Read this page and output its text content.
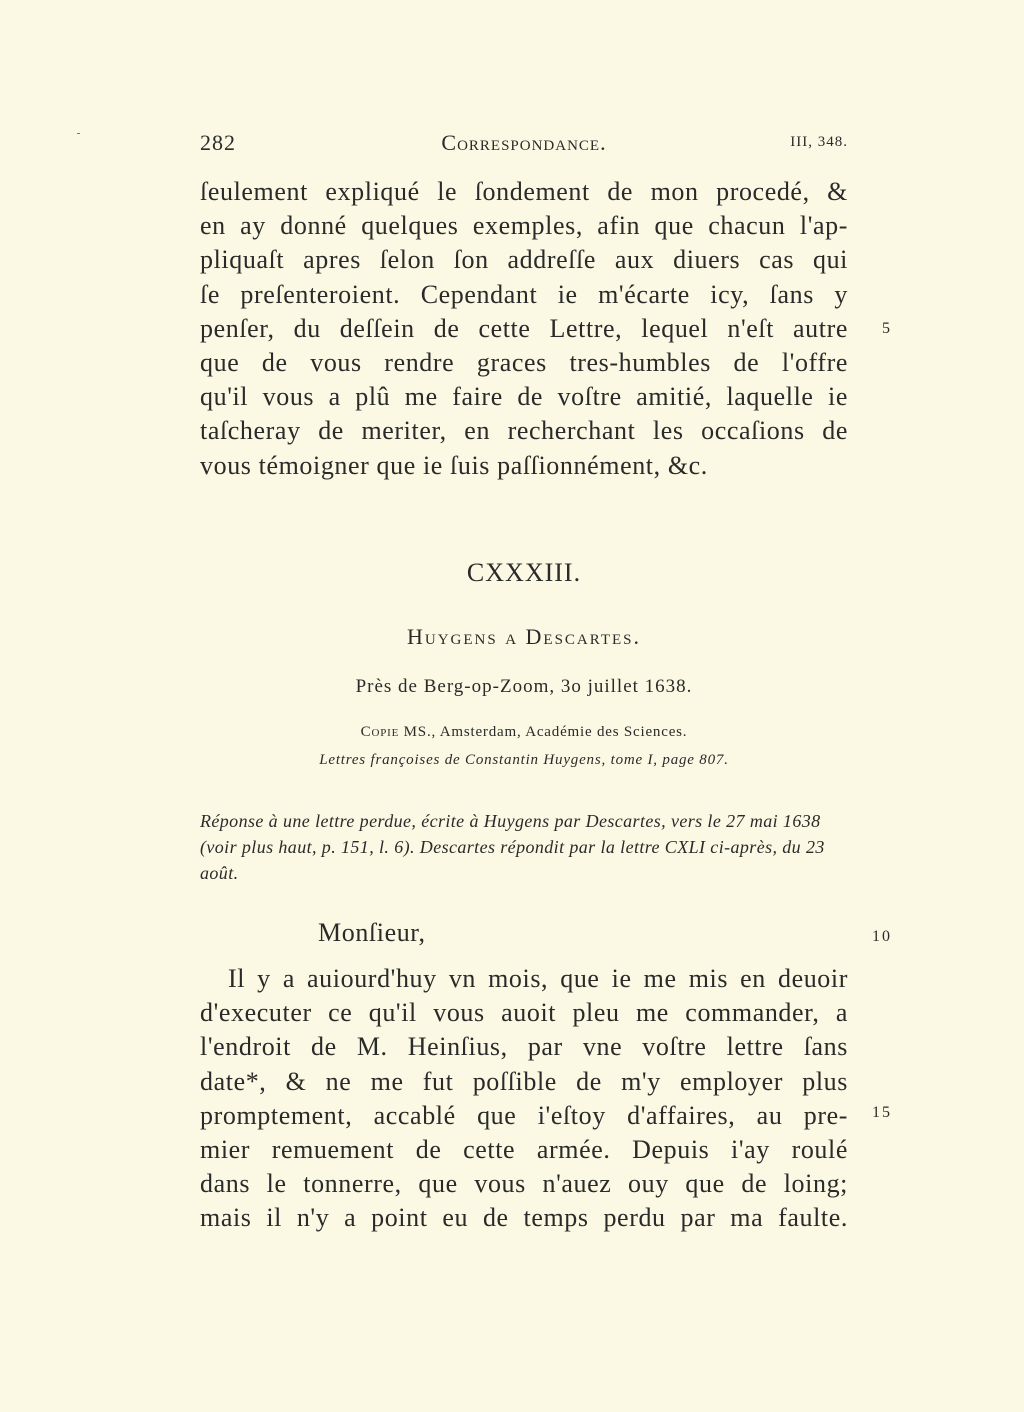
282	Correspondance.	III, 348.
ſeulement expliqué le ſondement de mon procedé, &
en ay donné quelques exemples, afin que chacun l'ap-
pliquaſt apres ſelon ſon addreſſe aux diuers cas qui
ſe preſenteroient. Cependant ie m'écarte icy, ſans y
penſer, du deſſein de cette Lettre, lequel n'eſt autre
que de vous rendre graces tres-humbles de l'offre
qu'il vous a plû me faire de voſtre amitié, laquelle ie
taſcheray de meriter, en recherchant les occaſions de
vous témoigner que ie ſuis paſſionnément, &c.
5
CXXXIII.
Huygens a Descartes.
Près de Berg-op-Zoom, 3o juillet 1638.
Copie MS., Amsterdam, Académie des Sciences.
Lettres françoises de Constantin Huygens, tome I, page 807.
Réponse à une lettre perdue, écrite à Huygens par Descartes, vers le 27 mai 1638 (voir plus haut, p. 151, l. 6). Descartes répondit par la lettre CXLI ci-après, du 23 août.
Monſieur,	10
Il y a auiourd'huy vn mois, que ie me mis en deuoir
d'executer ce qu'il vous auoit pleu me commander, a
l'endroit de M. Heinſius, par vne voſtre lettre ſans
date*, & ne me fut poſſible de m'y employer plus
promptement, accablé que i'eſtoy d'affaires, au pre-
mier remuement de cette armée. Depuis i'ay roulé
dans le tonnerre, que vous n'auez ouy que de loing;
mais il n'y a point eu de temps perdu par ma faulte.
15
